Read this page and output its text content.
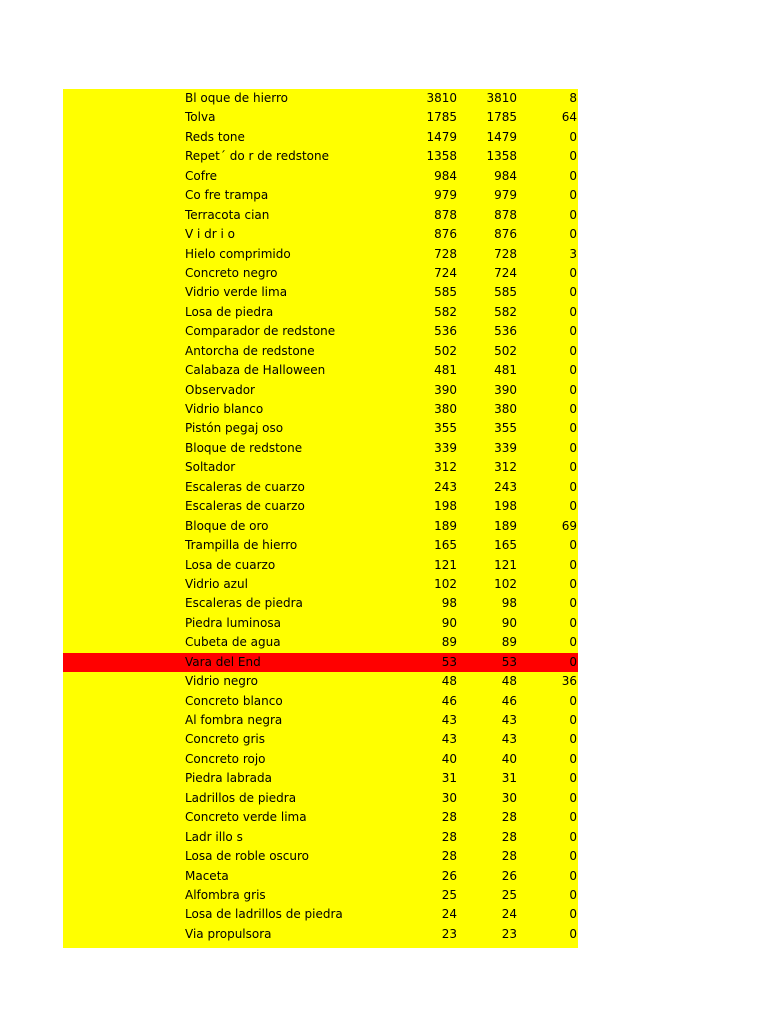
Bl oque de hierro	3810 3810	8
Tolva	1785 1785	64
Reds tone	1479 1479	0
Repet´ do r de redstone	1358 1358	0
Cofre	984	984	0
Co fre trampa	979	979	0
Terracota cian	878	878	0
V i dr i o	876	876	0
Hielo comprimido	728	728	3
Concreto negro	724	724	0
Vidrio verde lima	585	585	0
Losa de piedra	582	582	0
Comparador de redstone	536	536	0
Antorcha de redstone	502	502	0
Calabaza de Halloween	481	481	0
Observador	390	390	0
Vidrio blanco	380	380	0
Pistón pegaj oso	355	355	0
Bloque de redstone	339	339	0
Soltador	312	312	0
Escaleras de cuarzo	243	243	0
Escaleras de cuarzo	198	198	0
Bloque de oro	189	189	69
Trampilla de hierro	165	165	0
Losa de cuarzo	121	121	0
Vidrio azul	102	102	0
Escaleras de piedra	98	98	0
Piedra luminosa	90	90	0
Cubeta de agua	89	89	0
Vara del End	53	53	0
Vidrio negro	48	48	36
Concreto blanco	46	46	0
Al fombra negra	43	43	0
Concreto gris	43	43	0
Concreto rojo	40	40	0
Piedra labrada	31	31	0
Ladrillos de piedra	30	30	0
Concreto verde lima	28	28	0
Ladr illo s	28	28	0
Losa de roble oscuro	28	28	0
Maceta	26	26	0
Alfombra gris	25	25	0
Losa de ladrillos de piedra	24	24	0
Via propulsora	23	23	0
